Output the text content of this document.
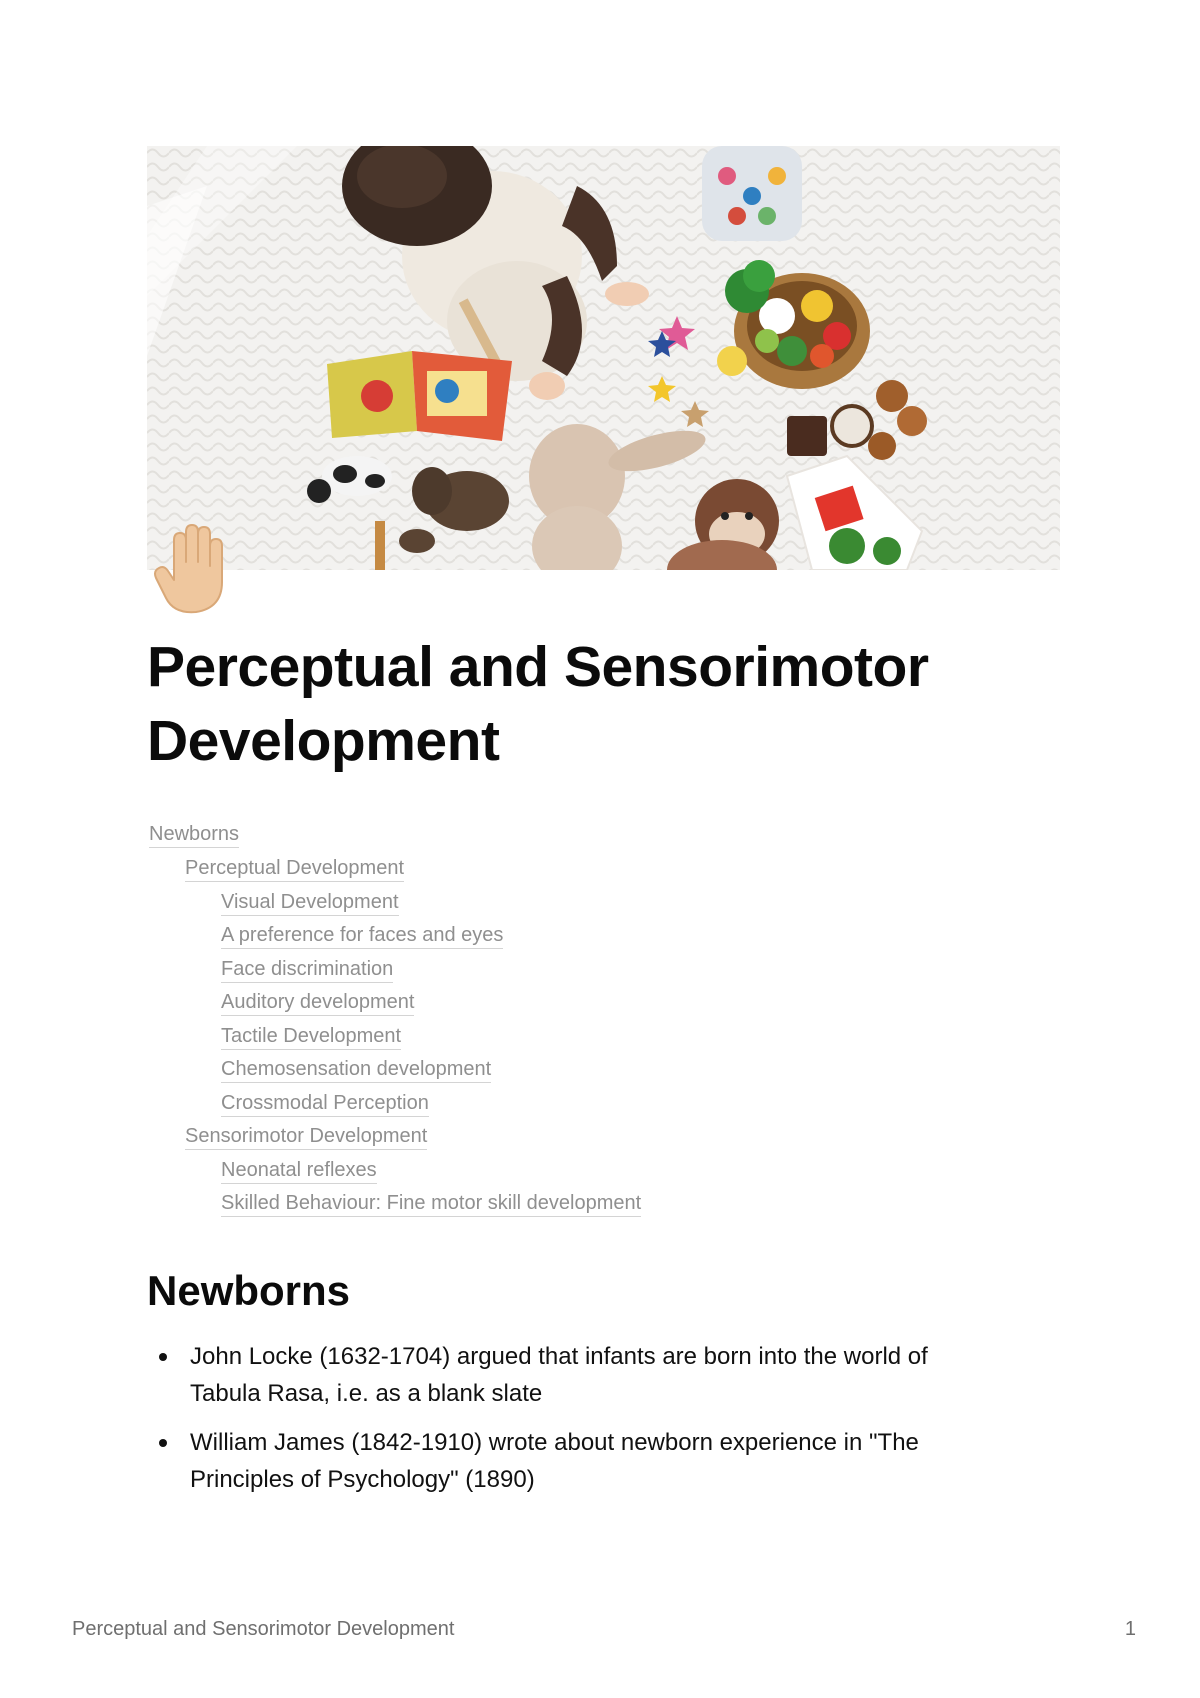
Perceptual and Sensorimotor Development
Newborns
Perceptual Development
Visual Development
A preference for faces and eyes
Face discrimination
Auditory development
Tactile Development
Chemosensation development
Crossmodal Perception
Sensorimotor Development
Neonatal reflexes
Skilled Behaviour: Fine motor skill development
Newborns
John Locke (1632-1704) argued that infants are born into the world of Tabula Rasa, i.e. as a blank slate
William James (1842-1910) wrote about newborn experience in "The Principles of Psychology" (1890)
Perceptual and Sensorimotor Development	1
